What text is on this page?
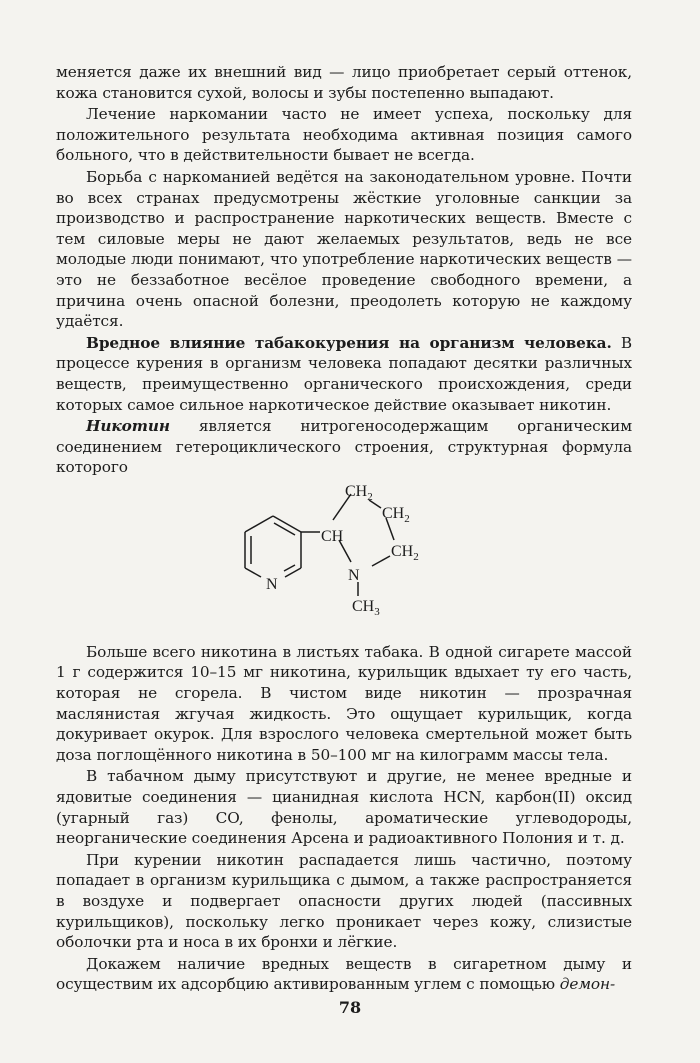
меняется даже их внешний вид — лицо приобретает серый оттенок, кожа становится сухой, волосы и зубы постепенно выпадают.

Лечение наркомании часто не имеет успеха, поскольку для положительного результата необходима активная позиция самого больного, что в действительности бывает не всегда.

Борьба с наркоманией ведётся на законодательном уровне. Почти во всех странах предусмотрены жёсткие уголовные санкции за производство и распространение наркотических веществ. Вместе с тем силовые меры не дают желаемых результатов, ведь не все молодые люди понимают, что употребление наркотических веществ — это не беззаботное весёлое проведение свободного времени, а причина очень опасной болезни, преодолеть которую не каждому удаётся.

Вредное влияние табакокурения на организм человека. В процессе курения в организм человека попадают десятки различных веществ, преимущественно органического происхождения, среди которых самое сильное наркотическое действие оказывает никотин.

Никотин является нитрогеносодержащим органическим соединением гетероциклического строения, структурная формула которого

$CH_2$
$CH_2$
CH
$CH_2$
N
$CH_3$
N

Больше всего никотина в листьях табака. В одной сигарете массой 1 г содержится 10–15 мг никотина, курильщик вдыхает ту его часть, которая не сгорела. В чистом виде никотин — прозрачная маслянистая жгучая жидкость. Это ощущает курильщик, когда докуривает окурок. Для взрослого человека смертельной может быть доза поглощённого никотина в 50–100 мг на килограмм массы тела.

В табачном дыму присутствуют и другие, не менее вредные и ядовитые соединения — цианидная кислота HCN, карбон(II) оксид (угарный газ) CO, фенолы, ароматические углеводороды, неорганические соединения Арсена и радиоактивного Полония и т. д.

При курении никотин распадается лишь частично, поэтому попадает в организм курильщика с дымом, а также распространяется в воздухе и подвергает опасности других людей (пассивных курильщиков), поскольку легко проникает через кожу, слизистые оболочки рта и носа в их бронхи и лёгкие.

Докажем наличие вредных веществ в сигаретном дыму и осуществим их адсорбцию активированным углем с помощью демон-

78
